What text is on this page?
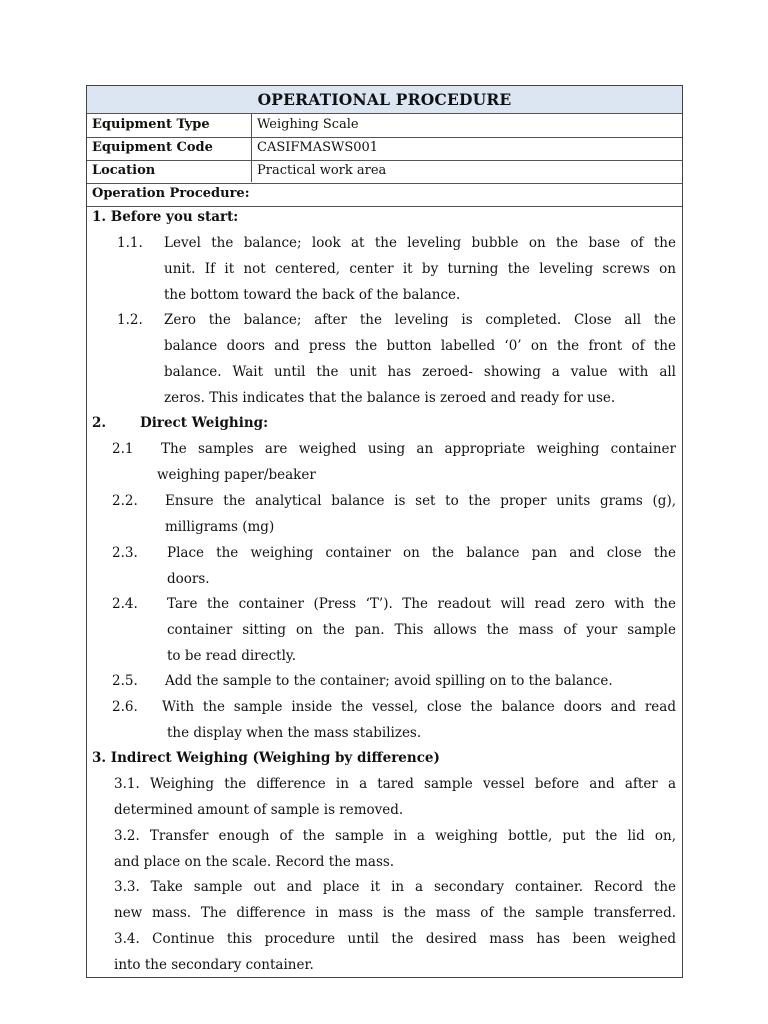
OPERATIONAL PROCEDURE
Equipment Type	Weighing Scale
Equipment Code	CASIFMASWS001
Location	Practical work area
Operation Procedure:
1. Before you start:
1.1. Level the balance; look at the leveling bubble on the base of the
unit. If it not centered, center it by turning the leveling screws on
the bottom toward the back of the balance.
1.2. Zero the balance; after the leveling is completed. Close all the
balance doors and press the button labelled ‘0’ on the front of the
balance. Wait until the unit has zeroed- showing a value with all
zeros. This indicates that the balance is zeroed and ready for use.
2.	Direct Weighing:
2.1 The samples are weighed using an appropriate weighing container
weighing paper/beaker
2.2. Ensure the analytical balance is set to the proper units grams (g),
milligrams (mg)
2.3. Place the weighing container on the balance pan and close the
doors.
2.4. Tare the container (Press ‘T’). The readout will read zero with the
container sitting on the pan. This allows the mass of your sample
to be read directly.
2.5. Add the sample to the container; avoid spilling on to the balance.
2.6. With the sample inside the vessel, close the balance doors and read
the display when the mass stabilizes.
3. Indirect Weighing (Weighing by difference)
3.1. Weighing the difference in a tared sample vessel before and after a
determined amount of sample is removed.
3.2. Transfer enough of the sample in a weighing bottle, put the lid on,
and place on the scale. Record the mass.
3.3. Take sample out and place it in a secondary container. Record the
new mass. The difference in mass is the mass of the sample transferred.
3.4. Continue this procedure until the desired mass has been weighed
into the secondary container.
